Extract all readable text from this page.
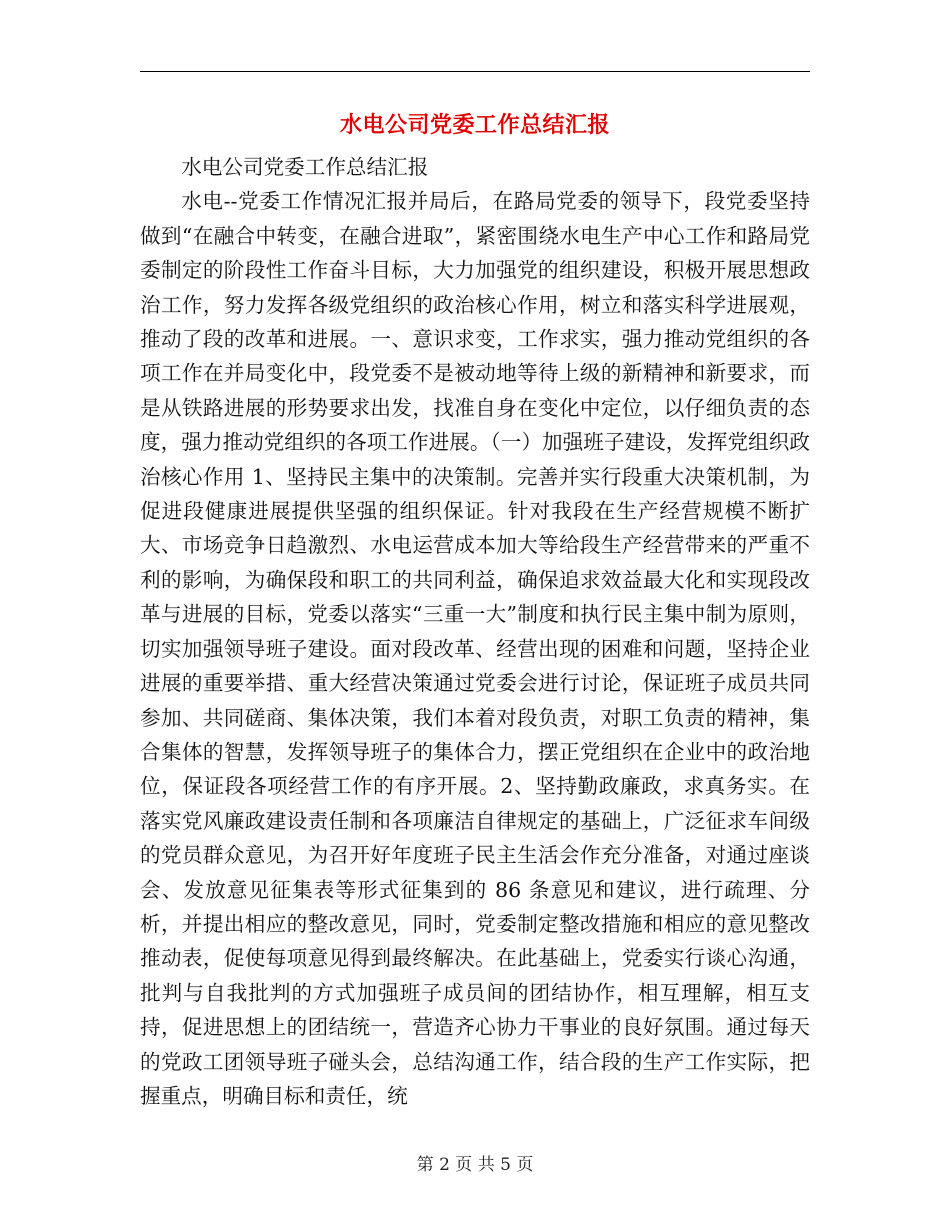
水电公司党委工作总结汇报

水电公司党委工作总结汇报

水电--党委工作情况汇报并局后，在路局党委的领导下，段党委坚持做到“在融合中转变，在融合进取”，紧密围绕水电生产中心工作和路局党委制定的阶段性工作奋斗目标，大力加强党的组织建设，积极开展思想政治工作，努力发挥各级党组织的政治核心作用，树立和落实科学进展观，推动了段的改革和进展。一、意识求变，工作求实，强力推动党组织的各项工作在并局变化中，段党委不是被动地等待上级的新精神和新要求，而是从铁路进展的形势要求出发，找准自身在变化中定位，以仔细负责的态度，强力推动党组织的各项工作进展。（一）加强班子建设，发挥党组织政治核心作用 1、坚持民主集中的决策制。完善并实行段重大决策机制，为促进段健康进展提供坚强的组织保证。针对我段在生产经营规模不断扩大、市场竞争日趋激烈、水电运营成本加大等给段生产经营带来的严重不利的影响，为确保段和职工的共同利益，确保追求效益最大化和实现段改革与进展的目标，党委以落实“三重一大”制度和执行民主集中制为原则，切实加强领导班子建设。面对段改革、经营出现的困难和问题，坚持企业进展的重要举措、重大经营决策通过党委会进行讨论，保证班子成员共同参加、共同磋商、集体决策，我们本着对段负责，对职工负责的精神，集合集体的智慧，发挥领导班子的集体合力，摆正党组织在企业中的政治地位，保证段各项经营工作的有序开展。2、坚持勤政廉政，求真务实。在落实党风廉政建设责任制和各项廉洁自律规定的基础上，广泛征求车间级的党员群众意见，为召开好年度班子民主生活会作充分准备，对通过座谈会、发放意见征集表等形式征集到的 86 条意见和建议，进行疏理、分析，并提出相应的整改意见，同时，党委制定整改措施和相应的意见整改推动表，促使每项意见得到最终解决。在此基础上，党委实行谈心沟通，批判与自我批判的方式加强班子成员间的团结协作，相互理解，相互支持，促进思想上的团结统一，营造齐心协力干事业的良好氛围。通过每天的党政工团领导班子碰头会，总结沟通工作，结合段的生产工作实际，把握重点，明确目标和责任，统

第 2 页 共 5 页
